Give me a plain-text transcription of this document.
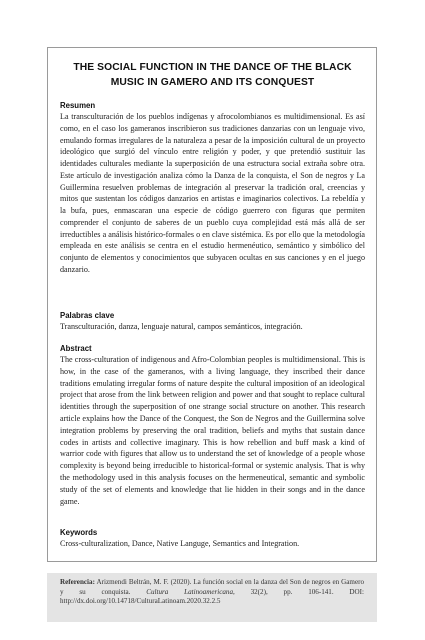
THE SOCIAL FUNCTION IN THE DANCE OF THE BLACK MUSIC IN GAMERO AND ITS CONQUEST
Resumen
La transculturación de los pueblos indígenas y afrocolombianos es multidimensional. Es así como, en el caso los gameranos inscribieron sus tradiciones danzarias con un lenguaje vivo, emulando formas irregulares de la naturaleza a pesar de la imposición cultural de un proyecto ideológico que surgió del vínculo entre religión y poder, y que pretendió sustituir las identidades culturales mediante la superposición de una estructura social extraña sobre otra. Este artículo de investigación analiza cómo la Danza de la conquista, el Son de negros y La Guillermina resuelven problemas de integración al preservar la tradición oral, creencias y mitos que sustentan los códigos danzarios en artistas e imaginarios colectivos. La rebeldía y la bufa, pues, enmascaran una especie de código guerrero con figuras que permiten comprender el conjunto de saberes de un pueblo cuya complejidad está más allá de ser irreductibles a análisis histórico-formales o en clave sistémica. Es por ello que la metodología empleada en este análisis se centra en el estudio hermenéutico, semántico y simbólico del conjunto de elementos y conocimientos que subyacen ocultas en sus canciones y en el juego danzario.
Palabras clave
Transculturación, danza, lenguaje natural, campos semánticos, integración.
Abstract
The cross-culturation of indigenous and Afro-Colombian peoples is multidimensional. This is how, in the case of the gameranos, with a living language, they inscribed their dance traditions emulating irregular forms of nature despite the cultural imposition of an ideological project that arose from the link between religion and power and that sought to replace cultural identities through the superposition of one strange social structure on another. This research article explains how the Dance of the Conquest, the Son de Negros and the Guillermina solve integration problems by preserving the oral tradition, beliefs and myths that sustain dance codes in artists and collective imaginary. This is how rebellion and buff mask a kind of warrior code with figures that allow us to understand the set of knowledge of a people whose complexity is beyond being irreducible to historical-formal or systemic analysis. That is why the methodology used in this analysis focuses on the hermeneutical, semantic and symbolic study of the set of elements and knowledge that lie hidden in their songs and in the dance game.
Keywords
Cross-culturalization, Dance, Native Languge, Semantics and Integration.
Referencia: Arizmendi Beltrán, M. F. (2020). La función social en la danza del Son de negros en Gamero y su conquista. Cultura Latinoamericana, 32(2), pp. 106-141. DOI: http://dx.doi.org/10.14718/CulturaLatinoam.2020.32.2.5
